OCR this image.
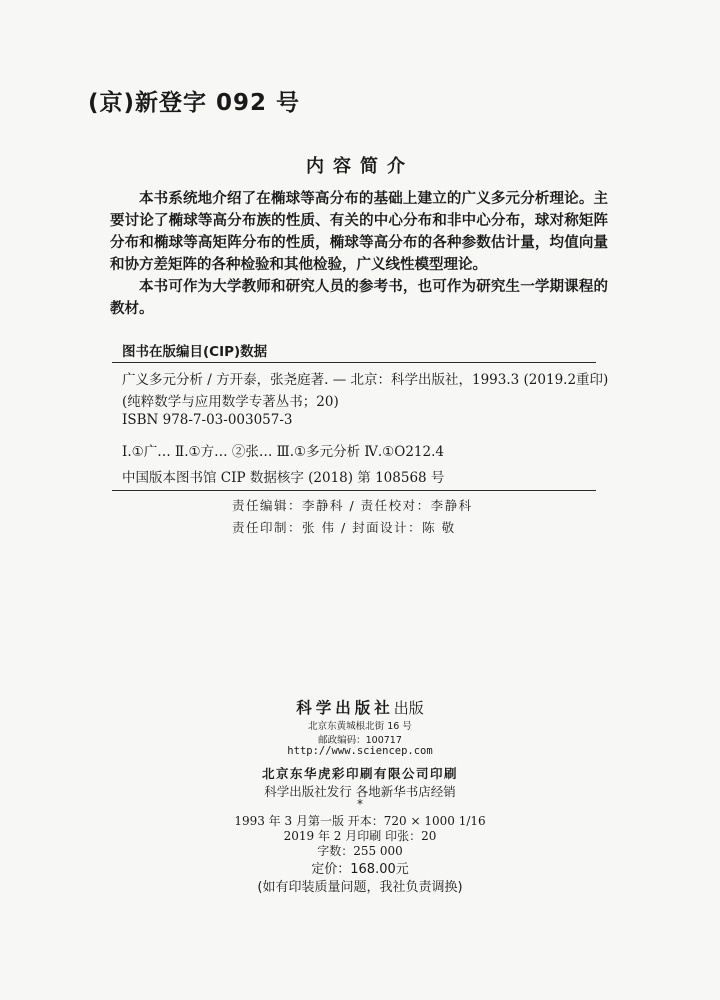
(京)新登字 092 号
内容简介

本书系统地介绍了在椭球等高分布的基础上建立的广义多元分析理论。主要讨论了椭球等高分布族的性质、有关的中心分布和非中心分布，球对称矩阵分布和椭球等高矩阵分布的性质，椭球等高分布的各种参数估计量，均值向量和协方差矩阵的各种检验和其他检验，广义线性模型理论。

本书可作为大学教师和研究人员的参考书，也可作为研究生一学期课程的教材。

图书在版编目(CIP)数据
广义多元分析 / 方开泰，张尧庭著. — 北京：科学出版社，1993.3 (2019.2重印)
(纯粹数学与应用数学专著丛书；20)
ISBN 978-7-03-003057-3
Ⅰ.①广… Ⅱ.①方… ②张… Ⅲ.①多元分析 Ⅳ.①O212.4
中国版本图书馆 CIP 数据核字 (2018) 第 108568 号
责任编辑：李静科 / 责任校对：李静科
责任印制：张 伟 / 封面设计：陈 敬
科学出版社出版
北京东黄城根北街 16 号
邮政编码：100717
http://www.sciencep.com
北京东华虎彩印刷有限公司印刷
科学出版社发行 各地新华书店经销
*
1993 年 3 月第一版 开本：720 × 1000 1/16
2019 年 2 月印刷 印张：20
字数：255 000
定价：168.00元
(如有印装质量问题，我社负责调换)
